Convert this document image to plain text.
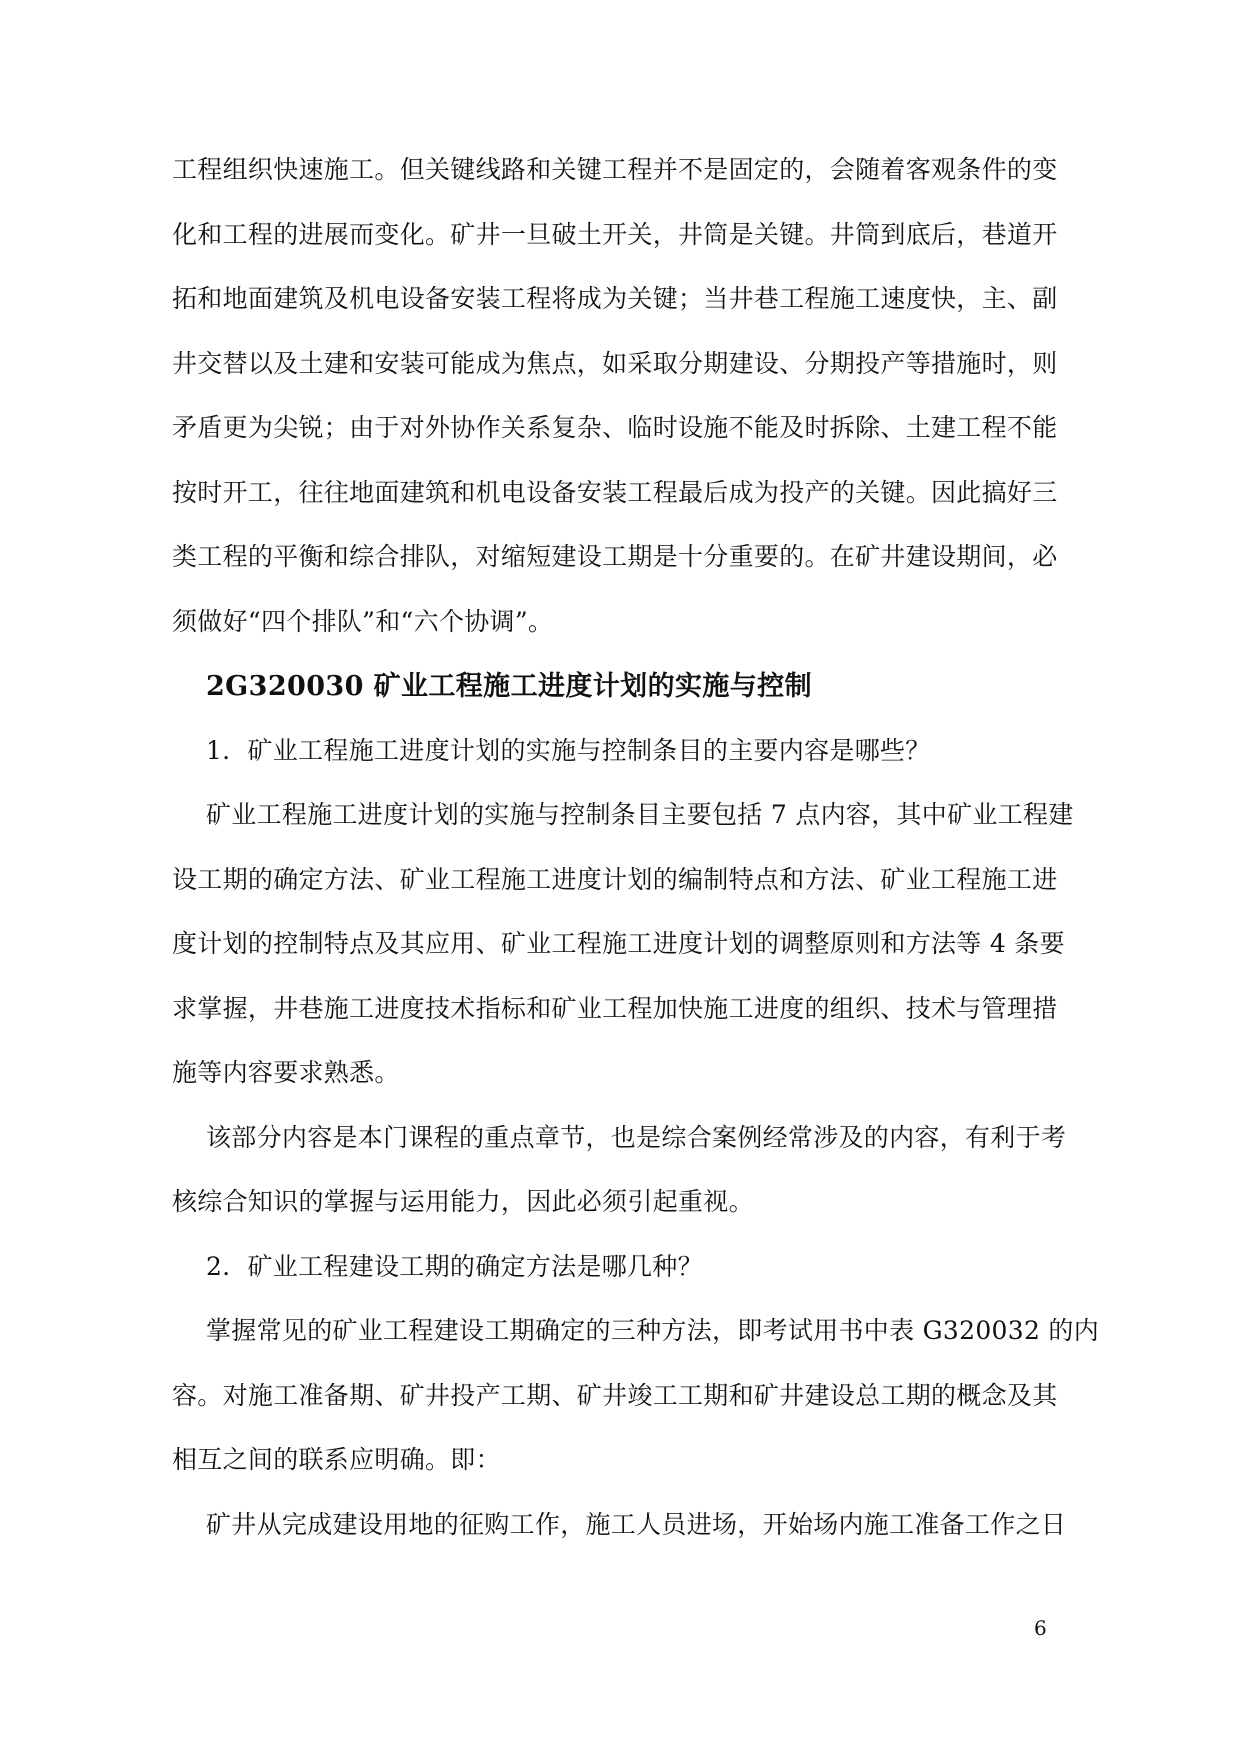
工程组织快速施工。但关键线路和关键工程并不是固定的，会随着客观条件的变
化和工程的进展而变化。矿井一旦破土开关，井筒是关键。井筒到底后，巷道开
拓和地面建筑及机电设备安装工程将成为关键；当井巷工程施工速度快，主、副
井交替以及土建和安装可能成为焦点，如采取分期建设、分期投产等措施时，则
矛盾更为尖锐；由于对外协作关系复杂、临时设施不能及时拆除、土建工程不能
按时开工，往往地面建筑和机电设备安装工程最后成为投产的关键。因此搞好三
类工程的平衡和综合排队，对缩短建设工期是十分重要的。在矿井建设期间，必
须做好“四个排队”和“六个协调”。
2G320030 矿业工程施工进度计划的实施与控制
1．矿业工程施工进度计划的实施与控制条目的主要内容是哪些？
矿业工程施工进度计划的实施与控制条目主要包括 7 点内容，其中矿业工程建
设工期的确定方法、矿业工程施工进度计划的编制特点和方法、矿业工程施工进
度计划的控制特点及其应用、矿业工程施工进度计划的调整原则和方法等 4 条要
求掌握，井巷施工进度技术指标和矿业工程加快施工进度的组织、技术与管理措
施等内容要求熟悉。
该部分内容是本门课程的重点章节，也是综合案例经常涉及的内容，有利于考
核综合知识的掌握与运用能力，因此必须引起重视。
2．矿业工程建设工期的确定方法是哪几种？
掌握常见的矿业工程建设工期确定的三种方法，即考试用书中表 G320032 的内
容。对施工准备期、矿井投产工期、矿井竣工工期和矿井建设总工期的概念及其
相互之间的联系应明确。即：
矿井从完成建设用地的征购工作，施工人员进场，开始场内施工准备工作之日
6
